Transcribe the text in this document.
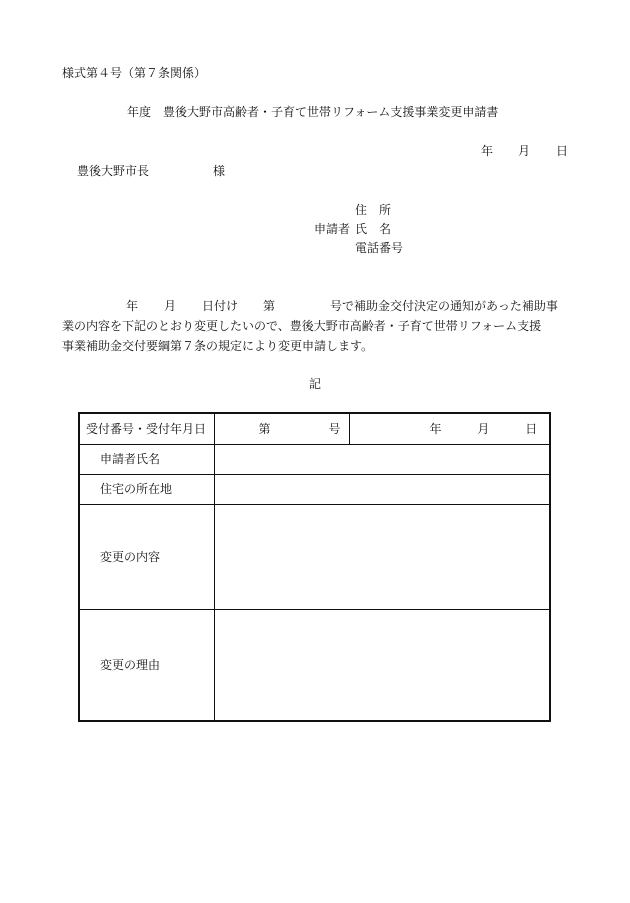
様式第４号（第７条関係）
年度　豊後大野市高齢者・子育て世帯リフォーム支援事業変更申請書
年 月 日
豊後大野市長	様
住　所
申請者 氏　名
電話番号
年 月 日付け 第	号で補助金交付決定の通知があった補助事
業の内容を下記のとおり変更したいので、豊後大野市高齢者・子育て世帯リフォーム支援
事業補助金交付要綱第７条の規定により変更申請します。
記
受付番号・受付年月日	第 号	年 月 日
申請者氏名		
住宅の所在地		
変更の内容		
変更の理由		
